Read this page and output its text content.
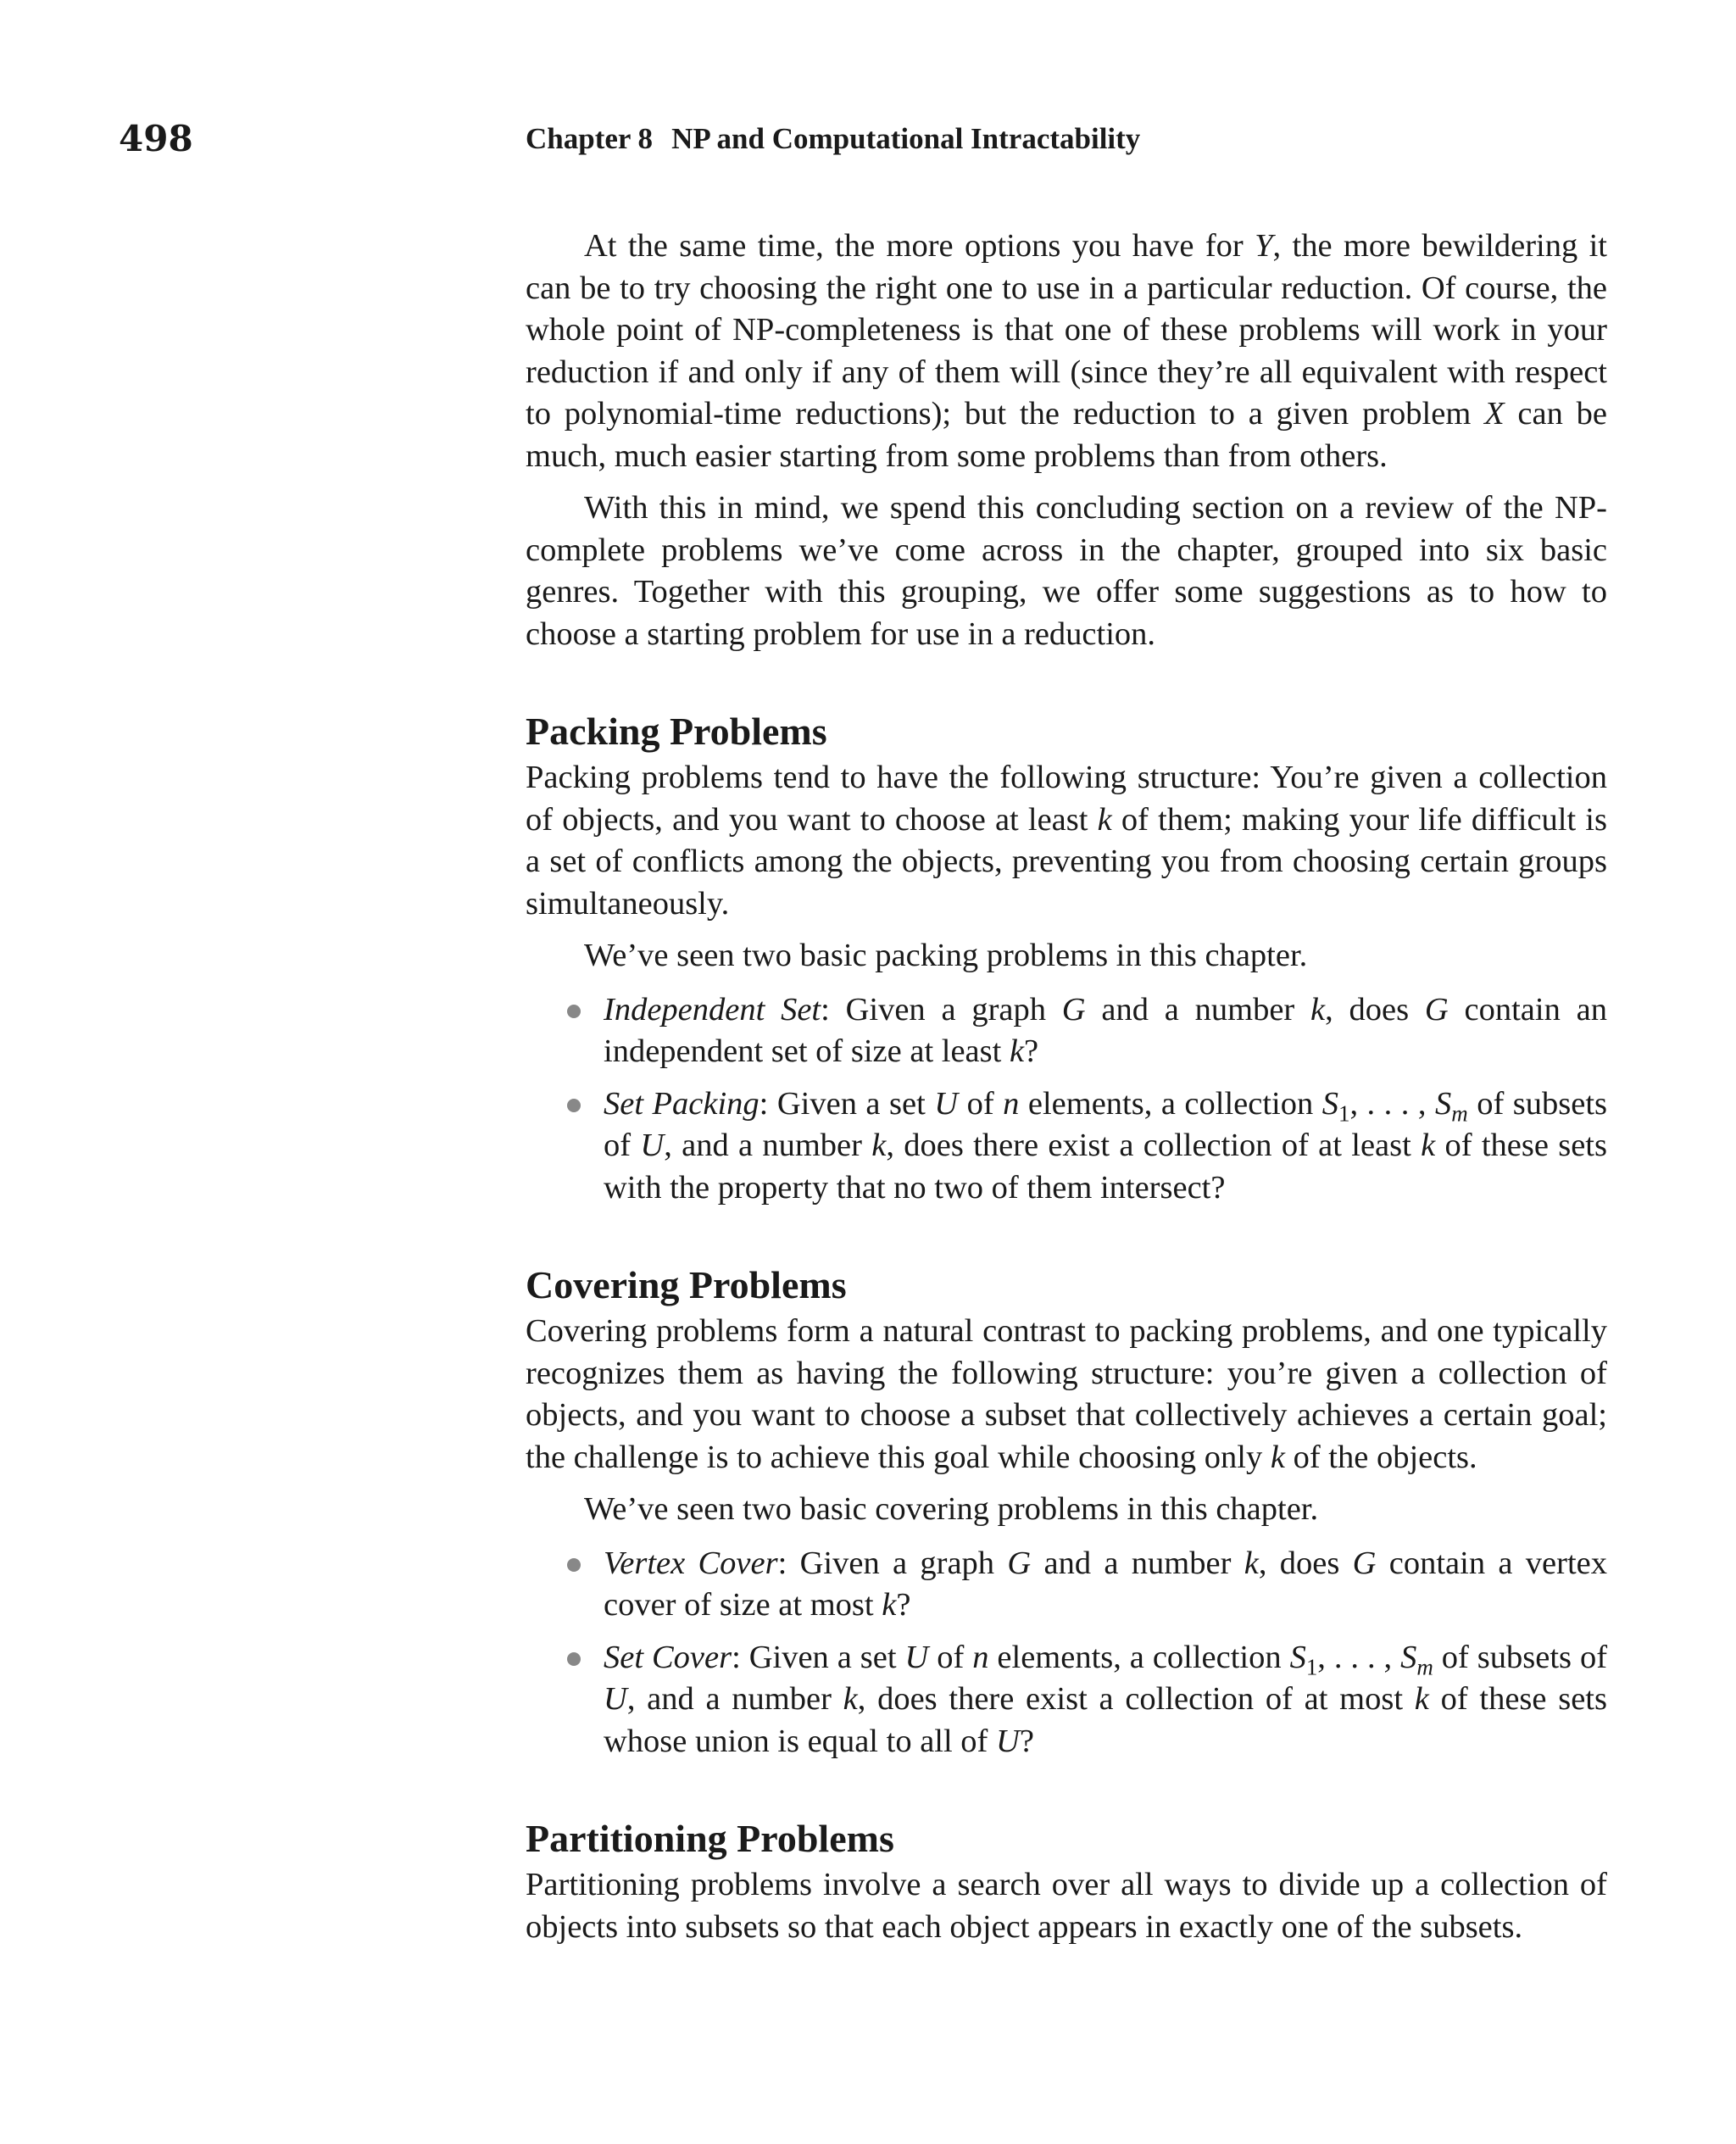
498	Chapter 8 NP and Computational Intractability

At the same time, the more options you have for Y, the more bewildering it can be to try choosing the right one to use in a particular reduction. Of course, the whole point of NP-completeness is that one of these problems will work in your reduction if and only if any of them will (since they’re all equivalent with respect to polynomial-time reductions); but the reduction to a given problem X can be much, much easier starting from some problems than from others.

With this in mind, we spend this concluding section on a review of the NP-complete problems we’ve come across in the chapter, grouped into six basic genres. Together with this grouping, we offer some suggestions as to how to choose a starting problem for use in a reduction.

Packing Problems

Packing problems tend to have the following structure: You’re given a collection of objects, and you want to choose at least k of them; making your life difficult is a set of conflicts among the objects, preventing you from choosing certain groups simultaneously.

We’ve seen two basic packing problems in this chapter.

Independent Set: Given a graph G and a number k, does G contain an independent set of size at least k?
Set Packing: Given a set U of n elements, a collection $S_1$, . . . , $S_m$ of subsets of U, and a number k, does there exist a collection of at least k of these sets with the property that no two of them intersect?
Covering Problems

Covering problems form a natural contrast to packing problems, and one typically recognizes them as having the following structure: you’re given a collection of objects, and you want to choose a subset that collectively achieves a certain goal; the challenge is to achieve this goal while choosing only k of the objects.

We’ve seen two basic covering problems in this chapter.

Vertex Cover: Given a graph G and a number k, does G contain a vertex cover of size at most k?
Set Cover: Given a set U of n elements, a collection $S_1$, . . . , $S_m$ of subsets of U, and a number k, does there exist a collection of at most k of these sets whose union is equal to all of U?
Partitioning Problems

Partitioning problems involve a search over all ways to divide up a collection of objects into subsets so that each object appears in exactly one of the subsets.
